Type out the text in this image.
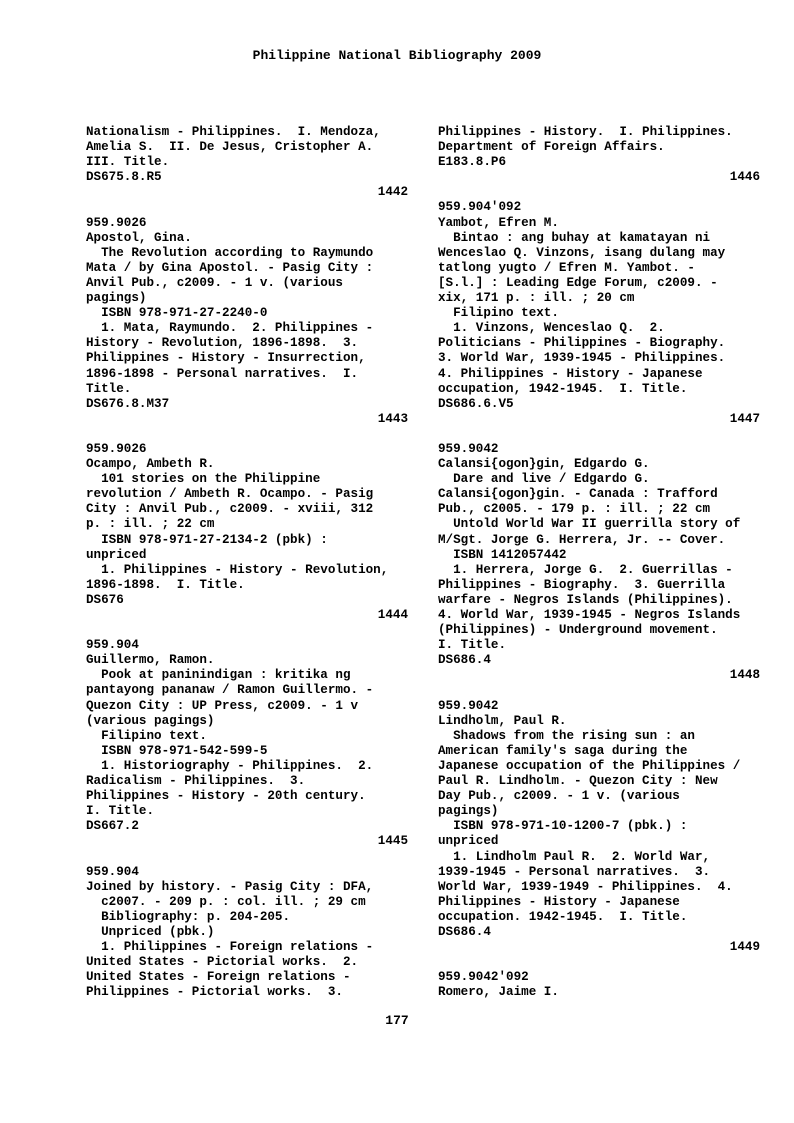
Philippine National Bibliography 2009
Nationalism - Philippines.  I. Mendoza,
Amelia S.  II. De Jesus, Cristopher A.
III. Title.
DS675.8.R5
1442
959.9026
Apostol, Gina.
The Revolution according to Raymundo
Mata / by Gina Apostol. - Pasig City :
Anvil Pub., c2009. - 1 v. (various
pagings)
ISBN 978-971-27-2240-0
1. Mata, Raymundo.  2. Philippines -
History - Revolution, 1896-1898.  3.
Philippines - History - Insurrection,
1896-1898 - Personal narratives.  I.
Title.
DS676.8.M37
1443
959.9026
Ocampo, Ambeth R.
101 stories on the Philippine
revolution / Ambeth R. Ocampo. - Pasig
City : Anvil Pub., c2009. - xviii, 312
p. : ill. ; 22 cm
ISBN 978-971-27-2134-2 (pbk) :
unpriced
1. Philippines - History - Revolution,
1896-1898.  I. Title.
DS676
1444
959.904
Guillermo, Ramon.
Pook at paninindigan : kritika ng
pantayong pananaw / Ramon Guillermo. -
Quezon City : UP Press, c2009. - 1 v
(various pagings)
Filipino text.
ISBN 978-971-542-599-5
1. Historiography - Philippines.  2.
Radicalism - Philippines.  3.
Philippines - History - 20th century.
I. Title.
DS667.2
1445
959.904
Joined by history. - Pasig City : DFA,
c2007. - 209 p. : col. ill. ; 29 cm
Bibliography: p. 204-205.
Unpriced (pbk.)
1. Philippines - Foreign relations -
United States - Pictorial works.  2.
United States - Foreign relations -
Philippines - Pictorial works.  3.
Philippines - History.  I. Philippines.
Department of Foreign Affairs.
E183.8.P6
1446
959.904'092
Yambot, Efren M.
Bintao : ang buhay at kamatayan ni
Wenceslao Q. Vinzons, isang dulang may
tatlong yugto / Efren M. Yambot. -
[S.l.] : Leading Edge Forum, c2009. -
xix, 171 p. : ill. ; 20 cm
Filipino text.
1. Vinzons, Wenceslao Q.  2.
Politicians - Philippines - Biography.
3. World War, 1939-1945 - Philippines.
4. Philippines - History - Japanese
occupation, 1942-1945.  I. Title.
DS686.6.V5
1447
959.9042
Calansi{ogon}gin, Edgardo G.
Dare and live / Edgardo G.
Calansi{ogon}gin. - Canada : Trafford
Pub., c2005. - 179 p. : ill. ; 22 cm
Untold World War II guerrilla story of
M/Sgt. Jorge G. Herrera, Jr. -- Cover.
ISBN 1412057442
1. Herrera, Jorge G.  2. Guerrillas -
Philippines - Biography.  3. Guerrilla
warfare - Negros Islands (Philippines).
4. World War, 1939-1945 - Negros Islands
(Philippines) - Underground movement.
I. Title.
DS686.4
1448
959.9042
Lindholm, Paul R.
Shadows from the rising sun : an
American family's saga during the
Japanese occupation of the Philippines /
Paul R. Lindholm. - Quezon City : New
Day Pub., c2009. - 1 v. (various
pagings)
ISBN 978-971-10-1200-7 (pbk.) :
unpriced
1. Lindholm Paul R.  2. World War,
1939-1945 - Personal narratives.  3.
World War, 1939-1949 - Philippines.  4.
Philippines - History - Japanese
occupation. 1942-1945.  I. Title.
DS686.4
1449
959.9042'092
Romero, Jaime I.
177
